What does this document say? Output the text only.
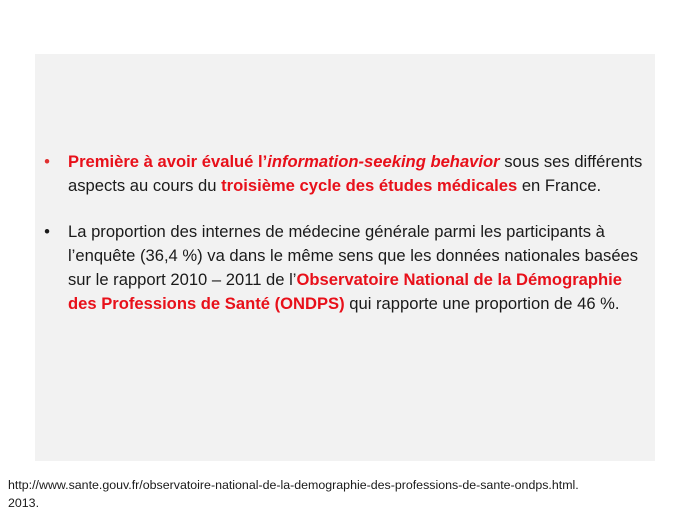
• Première à avoir évalué l’information-seeking behavior sous ses différents aspects au cours du troisième cycle des études médicales en France.
• La proportion des internes de médecine générale parmi les participants à l’enquête (36,4 %) va dans le même sens que les données nationales basées sur le rapport 2010 – 2011 de l’Observatoire National de la Démographie des Professions de Santé (ONDPS) qui rapporte une proportion de 46 %.
http://www.sante.gouv.fr/observatoire-national-de-la-demographie-des-professions-de-sante-ondps.html.
2013.
